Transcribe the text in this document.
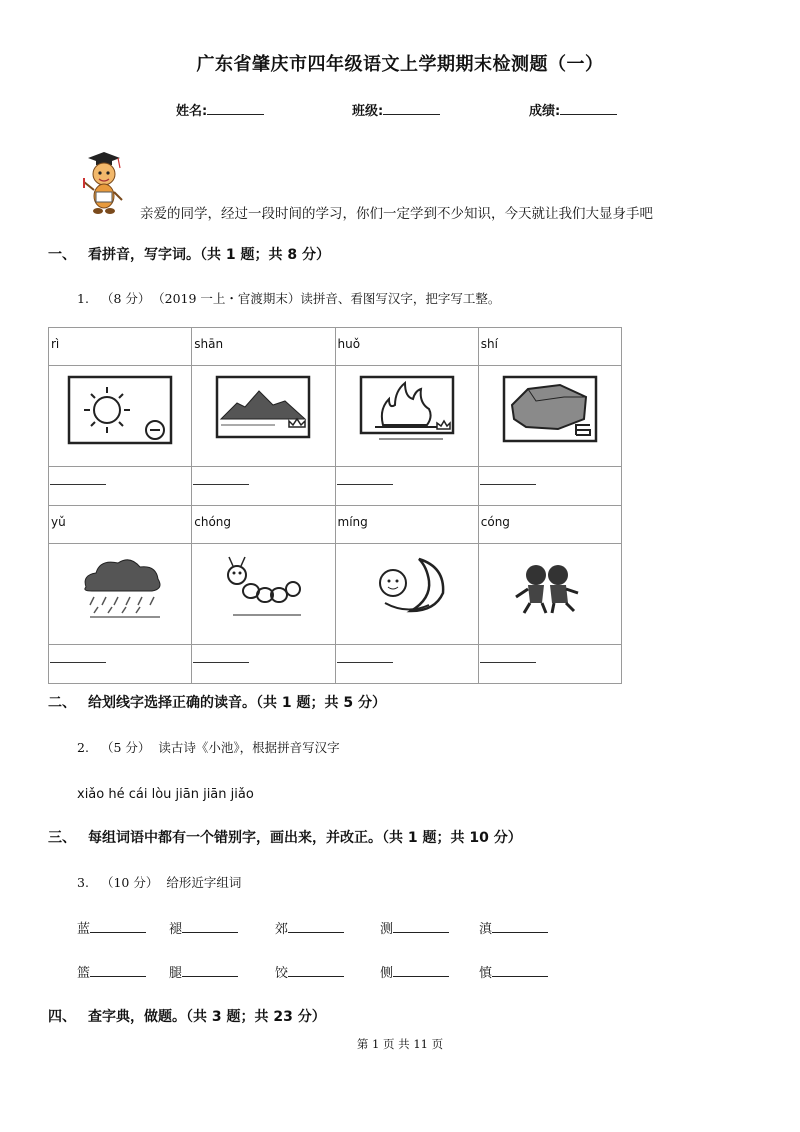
广东省肇庆市四年级语文上学期期末检测题（一）
姓名:	班级:	成绩:
亲爱的同学，经过一段时间的学习，你们一定学到不少知识，今天就让我们大显身手吧
一、 看拼音，写字词。（共 1 题；共 8 分）
1. （8 分） （2019 一上・官渡期末）读拼音、看图写汉字，把字写工整。
rì	shān	huǒ	shí

yǔ	chóng	míng	cóng

二、 给划线字选择正确的读音。（共 1 题；共 5 分）
2. （5 分） 读古诗《小池》，根据拼音写汉字
xiǎo hé cái lòu jiān jiān jiǎo
三、 每组词语中都有一个错别字，画出来，并改正。（共 1 题；共 10 分）
3. （10 分） 给形近字组词
蓝	褪	郊	测	滇
篮	腿	饺	侧	慎
四、 查字典，做题。（共 3 题；共 23 分）
第 1 页 共 11 页
